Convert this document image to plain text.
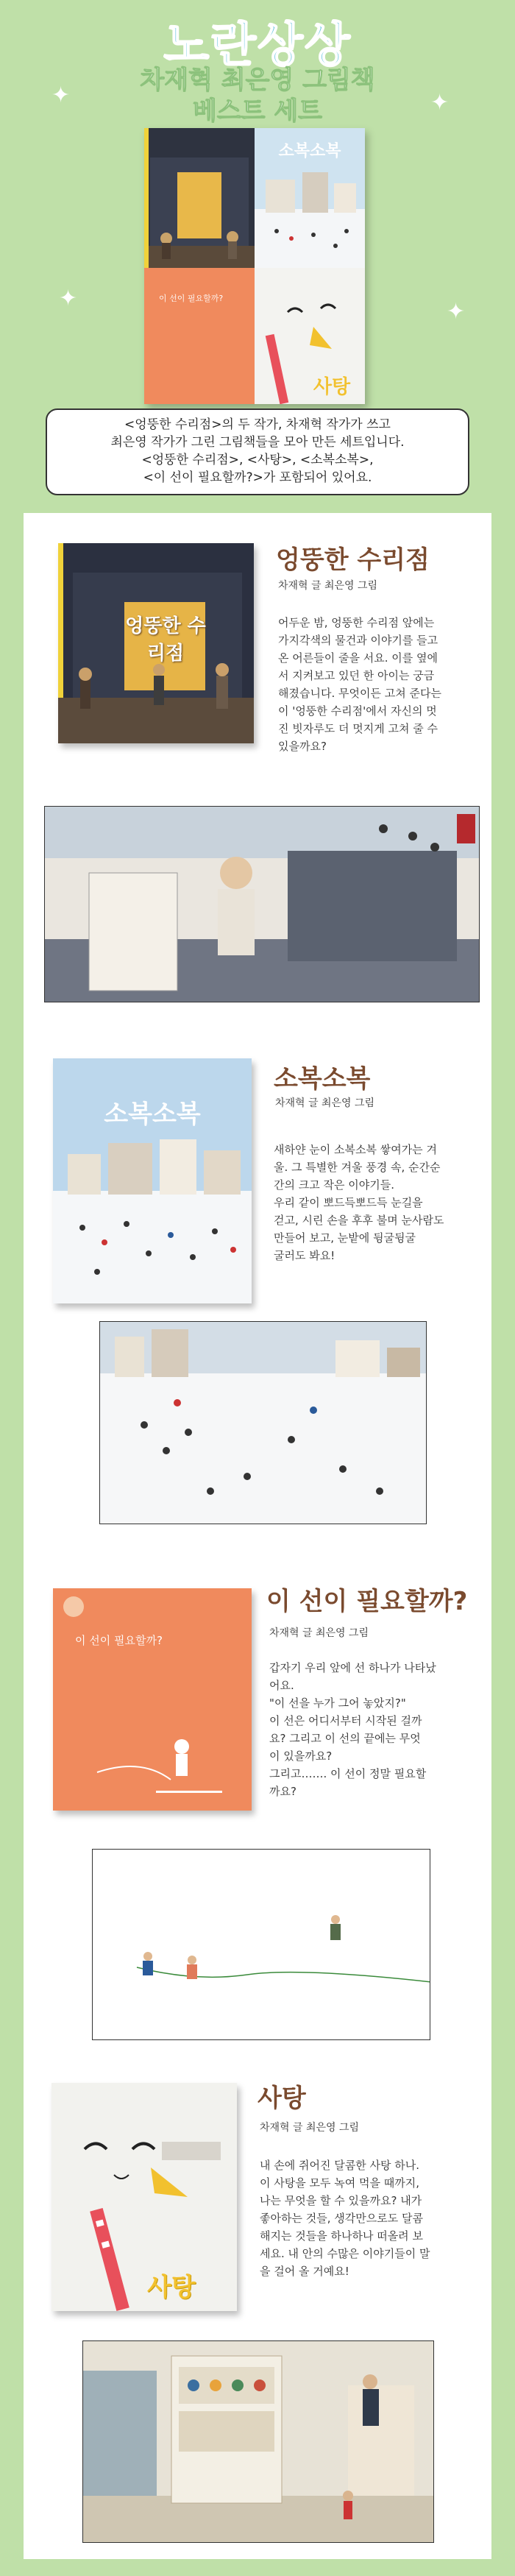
노란상상
차재혁 최은영 그림책
베스트 세트
✦	✦
✦
✦
소복소복
이 선이 필요할까?
사탕
<엉뚱한 수리점>의 두 작가, 차재혁 작가가 쓰고
최은영 작가가 그린 그림책들을 모아 만든 세트입니다.
<엉뚱한 수리점>, <사탕>, <소복소복>,
<이 선이 필요할까?>가 포함되어 있어요.
엉뚱한 수리점
엉뚱한 수리점
차재혁 글 최은영 그림
어두운 밤, 엉뚱한 수리점 앞에는
가지각색의 물건과 이야기를 들고
온 어른들이 줄을 서요. 이를 옆에
서 지켜보고 있던 한 아이는 궁금
해졌습니다. 무엇이든 고쳐 준다는
이 '엉뚱한 수리점'에서 자신의 멋
진 빗자루도 더 멋지게 고쳐 줄 수
있을까요?
소복소복
소복소복
차재혁 글 최은영 그림
새하얀 눈이 소복소복 쌓여가는 겨
울. 그 특별한 겨울 풍경 속, 순간순
간의 크고 작은 이야기들.
우리 같이 뽀드득뽀드득 눈길을
걷고, 시린 손을 후후 불며 눈사람도
만들어 보고, 눈밭에 뒹굴뒹굴
굴러도 봐요!
이 선이 필요할까?
이 선이 필요할까?
차재혁 글 최은영 그림
갑자기 우리 앞에 선 하나가 나타났
어요.
"이 선을 누가 그어 놓았지?"
이 선은 어디서부터 시작된 걸까
요? 그리고 이 선의 끝에는 무엇
이 있을까요?
그리고……. 이 선이 정말 필요할
까요?
사탕
사탕
차재혁 글 최은영 그림
내 손에 쥐어진 달콤한 사탕 하나.
이 사탕을 모두 녹여 먹을 때까지,
나는 무엇을 할 수 있을까요? 내가
좋아하는 것들, 생각만으로도 달콤
해지는 것들을 하나하나 떠올려 보
세요. 내 안의 수많은 이야기들이 말
을 걸어 올 거예요!
